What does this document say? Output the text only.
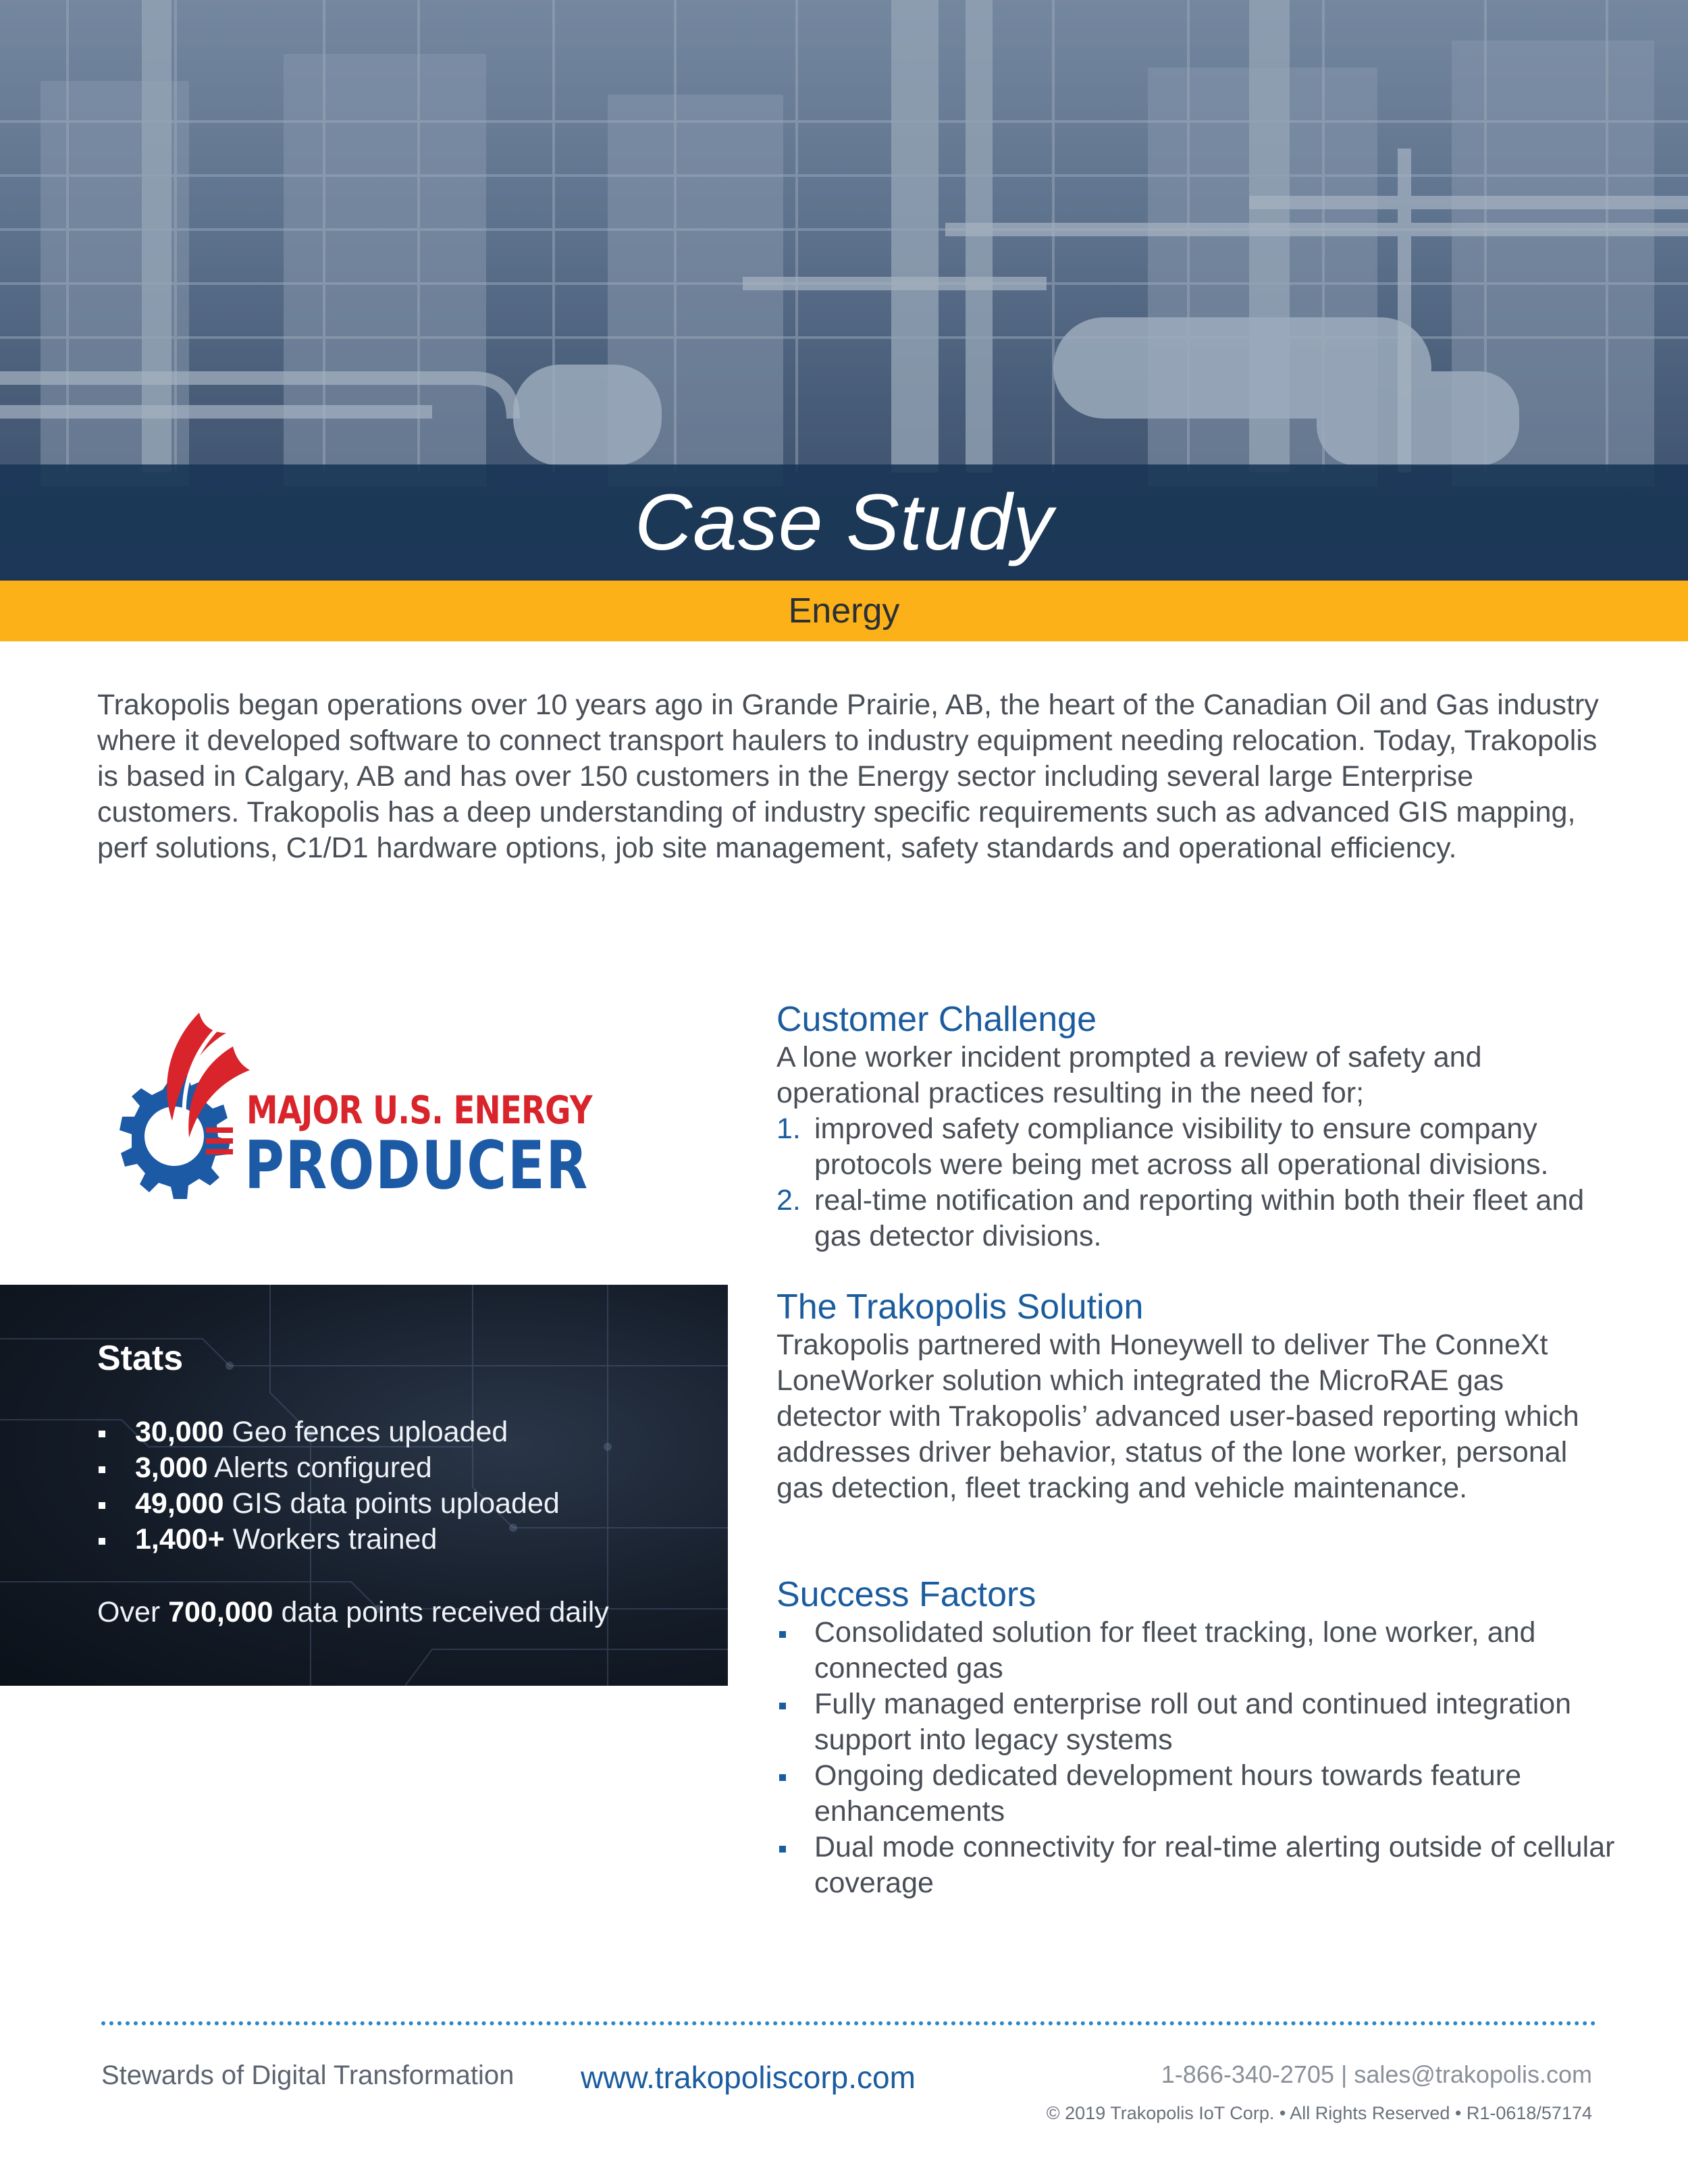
Case Study
Energy

Trakopolis began operations over 10 years ago in Grande Prairie, AB, the heart of the Canadian Oil and Gas industry where it developed software to connect transport haulers to industry equipment needing relocation. Today, Trakopolis is based in Calgary, AB and has over 150 customers in the Energy sector including several large Enterprise customers. Trakopolis has a deep understanding of industry specific requirements such as advanced GIS mapping, perf solutions, C1/D1 hardware options, job site management, safety standards and operational efficiency.

MAJOR U.S. ENERGY
PRODUCER
Stats
30,000 Geo fences uploaded
3,000 Alerts configured
49,000 GIS data points uploaded
1,400+ Workers trained
Over 700,000 data points received daily
Customer Challenge

A lone worker incident prompted a review of safety and operational practices resulting in the need for;

1. improved safety compliance visibility to ensure company protocols were being met across all operational divisions.
2. real-time notification and reporting within both their fleet and gas detector divisions.
The Trakopolis Solution

Trakopolis partnered with Honeywell to deliver The ConneXt LoneWorker solution which integrated the MicroRAE gas detector with Trakopolis’ advanced user-based reporting which addresses driver behavior, status of the lone worker, personal gas detection, fleet tracking and vehicle maintenance.

Success Factors
Consolidated solution for fleet tracking, lone worker, and connected gas
Fully managed enterprise roll out and continued integration support into legacy systems
Ongoing dedicated development hours towards feature enhancements
Dual mode connectivity for real-time alerting outside of cellular coverage
Stewards of Digital Transformation www.trakopoliscorp.com	1-866-340-2705 | sales@trakopolis.com
© 2019 Trakopolis IoT Corp. • All Rights Reserved • R1-0618/57174
